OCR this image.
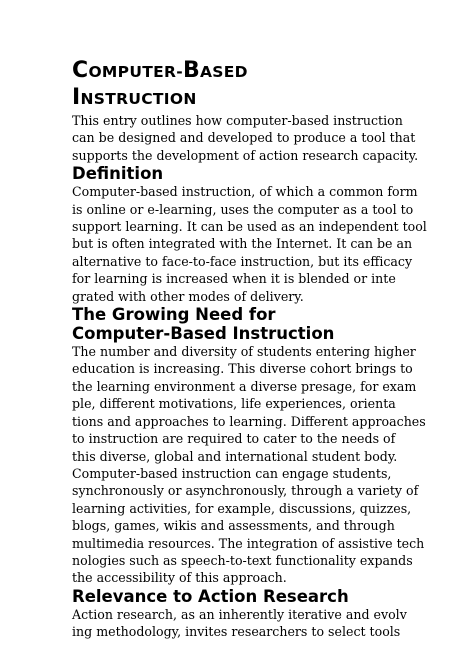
COMPUTER-BASED
INSTRUCTION

This entry outlines how computer-based instruction
can be designed and developed to produce a tool that
supports the development of action research capacity.

Definition

Computer-based instruction, of which a common form
is online or e-learning, uses the computer as a tool to
support learning. It can be used as an independent tool
but is often integrated with the Internet. It can be an
alternative to face-to-face instruction, but its efficacy
for learning is increased when it is blended or inte
grated with other modes of delivery.

The Growing Need for
Computer-Based Instruction

The number and diversity of students entering higher
education is increasing. This diverse cohort brings to
the learning environment a diverse presage, for exam
ple, different motivations, life experiences, orienta
tions and approaches to learning. Different approaches
to instruction are required to cater to the needs of
this diverse, global and international student body.
Computer-based instruction can engage students,
synchronously or asynchronously, through a variety of
learning activities, for example, discussions, quizzes,
blogs, games, wikis and assessments, and through
multimedia resources. The integration of assistive tech
nologies such as speech-to-text functionality expands
the accessibility of this approach.

Relevance to Action Research

Action research, as an inherently iterative and evolv
ing methodology, invites researchers to select tools
